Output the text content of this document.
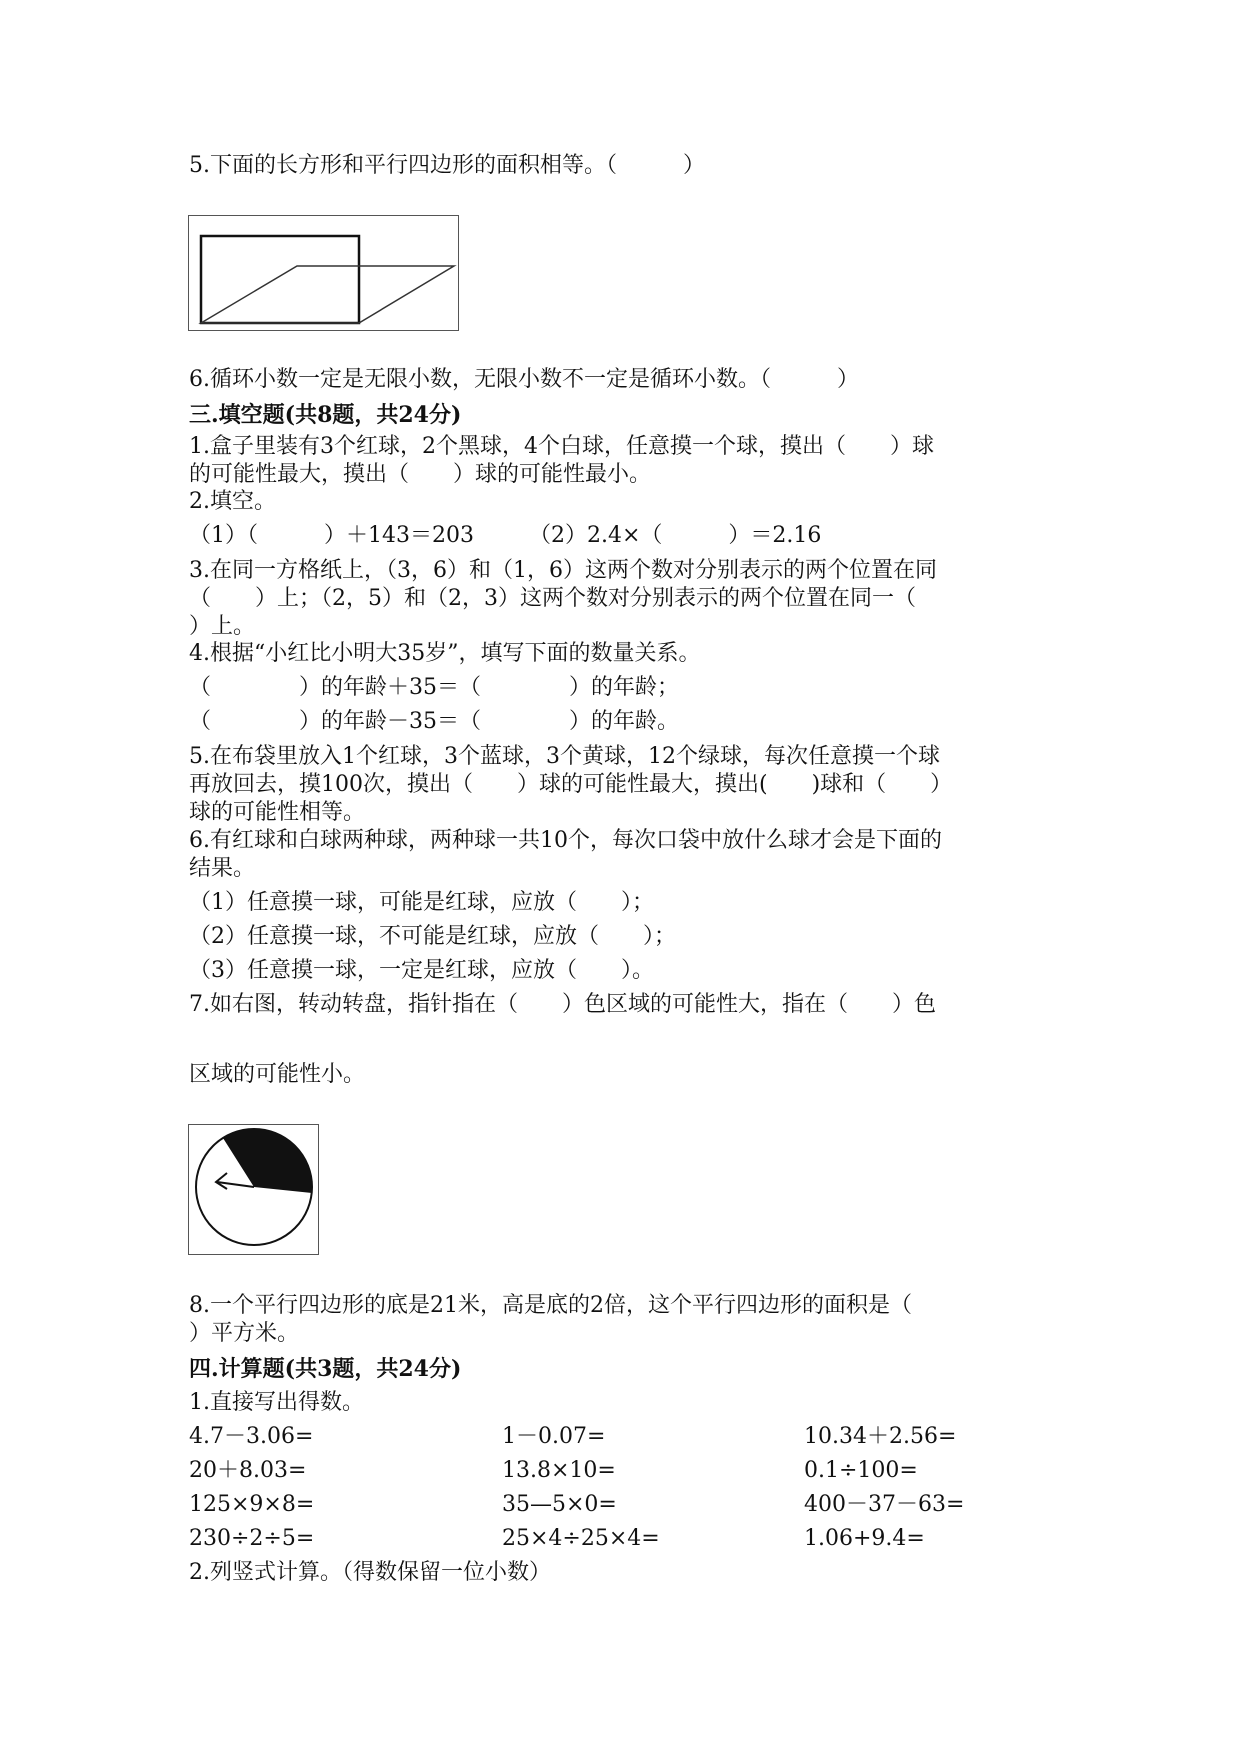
5.下面的长方形和平行四边形的面积相等。（　　　）
6.循环小数一定是无限小数，无限小数不一定是循环小数。（　　　）
三.填空题(共8题，共24分)
1.盒子里装有3个红球，2个黑球，4个白球，任意摸一个球，摸出（　　）球
的可能性最大，摸出（　　）球的可能性最小。
2.填空。
（1）（　　　）＋143＝203　　　（2）2.4×（　　　）＝2.16
3.在同一方格纸上，（3，6）和（1，6）这两个数对分别表示的两个位置在同
（　　）上；（2，5）和（2，3）这两个数对分别表示的两个位置在同一（
）上。
4.根据“小红比小明大35岁”，填写下面的数量关系。
（　　　　）的年龄＋35＝（　　　　）的年龄；
（　　　　）的年龄－35＝（　　　　）的年龄。
5.在布袋里放入1个红球，3个蓝球，3个黄球，12个绿球，每次任意摸一个球
再放回去，摸100次，摸出（　　）球的可能性最大，摸出(　　)球和（　　）
球的可能性相等。
6.有红球和白球两种球，两种球一共10个，每次口袋中放什么球才会是下面的
结果。
（1）任意摸一球，可能是红球，应放（　　）；
（2）任意摸一球，不可能是红球，应放（　　）；
（3）任意摸一球，一定是红球，应放（　　）。
7.如右图，转动转盘，指针指在（　　）色区域的可能性大，指在（　　）色
区域的可能性小。
8.一个平行四边形的底是21米，高是底的2倍，这个平行四边形的面积是（
）平方米。
四.计算题(共3题，共24分)
1.直接写出得数。
4.7－3.06=	1－0.07=	10.34＋2.56=
20＋8.03=	13.8×10=	0.1÷100=
125×9×8=	35—5×0=	400－37－63=
230÷2÷5=	25×4÷25×4=	1.06+9.4=
2.列竖式计算。（得数保留一位小数）
